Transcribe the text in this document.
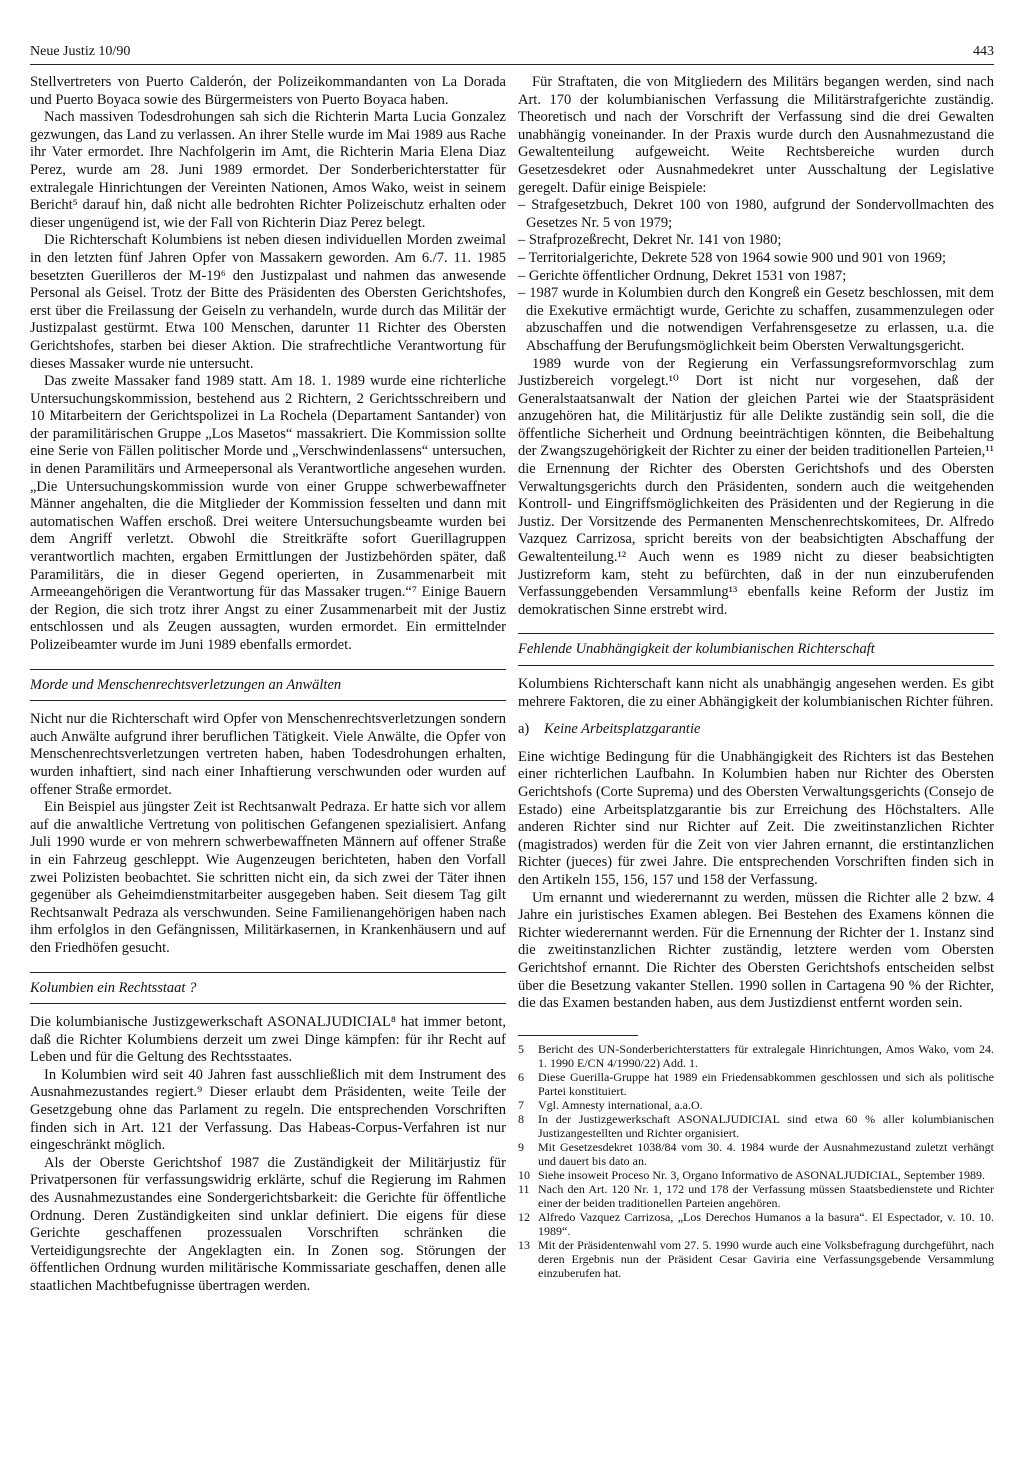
Neue Justiz 10/90	443

Stellvertreters von Puerto Calderón, der Polizeikommandanten von La Dorada und Puerto Boyaca sowie des Bürgermeisters von Puerto Boyaca haben.

Nach massiven Todesdrohungen sah sich die Richterin Marta Lucia Gonzalez gezwungen, das Land zu verlassen. An ihrer Stelle wurde im Mai 1989 aus Rache ihr Vater ermordet. Ihre Nachfolgerin im Amt, die Richterin Maria Elena Diaz Perez, wurde am 28. Juni 1989 ermordet. Der Sonderberichterstatter für extralegale Hinrichtungen der Vereinten Nationen, Amos Wako, weist in seinem Bericht⁵ darauf hin, daß nicht alle bedrohten Richter Polizeischutz erhalten oder dieser ungenügend ist, wie der Fall von Richterin Diaz Perez belegt.

Die Richterschaft Kolumbiens ist neben diesen individuellen Morden zweimal in den letzten fünf Jahren Opfer von Massakern geworden. Am 6./7. 11. 1985 besetzten Guerilleros der M-19⁶ den Justizpalast und nahmen das anwesende Personal als Geisel. Trotz der Bitte des Präsidenten des Obersten Gerichtshofes, erst über die Freilassung der Geiseln zu verhandeln, wurde durch das Militär der Justizpalast gestürmt. Etwa 100 Menschen, darunter 11 Richter des Obersten Gerichtshofes, starben bei dieser Aktion. Die strafrechtliche Verantwortung für dieses Massaker wurde nie untersucht.

Das zweite Massaker fand 1989 statt. Am 18. 1. 1989 wurde eine richterliche Untersuchungskommission, bestehend aus 2 Richtern, 2 Gerichtsschreibern und 10 Mitarbeitern der Gerichtspolizei in La Rochela (Departament Santander) von der paramilitärischen Gruppe „Los Masetos“ massakriert. Die Kommission sollte eine Serie von Fällen politischer Morde und „Verschwindenlassens“ untersuchen, in denen Paramilitärs und Armeepersonal als Verantwortliche angesehen wurden. „Die Untersuchungskommission wurde von einer Gruppe schwerbewaffneter Männer angehalten, die die Mitglieder der Kommission fesselten und dann mit automatischen Waffen erschoß. Drei weitere Untersuchungsbeamte wurden bei dem Angriff verletzt. Obwohl die Streitkräfte sofort Guerillagruppen verantwortlich machten, ergaben Ermittlungen der Justizbehörden später, daß Paramilitärs, die in dieser Gegend operierten, in Zusammenarbeit mit Armeeangehörigen die Verantwortung für das Massaker trugen.“⁷ Einige Bauern der Region, die sich trotz ihrer Angst zu einer Zusammenarbeit mit der Justiz entschlossen und als Zeugen aussagten, wurden ermordet. Ein ermittelnder Polizeibeamter wurde im Juni 1989 ebenfalls ermordet.

Morde und Menschenrechtsverletzungen an Anwälten

Nicht nur die Richterschaft wird Opfer von Menschenrechtsverletzungen sondern auch Anwälte aufgrund ihrer beruflichen Tätigkeit. Viele Anwälte, die Opfer von Menschenrechtsverletzungen vertreten haben, haben Todesdrohungen erhalten, wurden inhaftiert, sind nach einer Inhaftierung verschwunden oder wurden auf offener Straße ermordet.

Ein Beispiel aus jüngster Zeit ist Rechtsanwalt Pedraza. Er hatte sich vor allem auf die anwaltliche Vertretung von politischen Gefangenen spezialisiert. Anfang Juli 1990 wurde er von mehrern schwerbewaffneten Männern auf offener Straße in ein Fahrzeug geschleppt. Wie Augenzeugen berichteten, haben den Vorfall zwei Polizisten beobachtet. Sie schritten nicht ein, da sich zwei der Täter ihnen gegenüber als Geheimdienstmitarbeiter ausgegeben haben. Seit diesem Tag gilt Rechtsanwalt Pedraza als verschwunden. Seine Familienangehörigen haben nach ihm erfolglos in den Gefängnissen, Militärkasernen, in Krankenhäusern und auf den Friedhöfen gesucht.

Kolumbien ein Rechtsstaat ?

Die kolumbianische Justizgewerkschaft ASONALJUDICIAL⁸ hat immer betont, daß die Richter Kolumbiens derzeit um zwei Dinge kämpfen: für ihr Recht auf Leben und für die Geltung des Rechtsstaates.

In Kolumbien wird seit 40 Jahren fast ausschließlich mit dem Instrument des Ausnahmezustandes regiert.⁹ Dieser erlaubt dem Präsidenten, weite Teile der Gesetzgebung ohne das Parlament zu regeln. Die entsprechenden Vorschriften finden sich in Art. 121 der Verfassung. Das Habeas-Corpus-Verfahren ist nur eingeschränkt möglich.

Als der Oberste Gerichtshof 1987 die Zuständigkeit der Militärjustiz für Privatpersonen für verfassungswidrig erklärte, schuf die Regierung im Rahmen des Ausnahmezustandes eine Sondergerichtsbarkeit: die Gerichte für öffentliche Ordnung. Deren Zuständigkeiten sind unklar definiert. Die eigens für diese Gerichte geschaffenen prozessualen Vorschriften schränken die Verteidigungsrechte der Angeklagten ein. In Zonen sog. Störungen der öffentlichen Ordnung wurden militärische Kommissariate geschaffen, denen alle staatlichen Machtbefugnisse übertragen werden.

Für Straftaten, die von Mitgliedern des Militärs begangen werden, sind nach Art. 170 der kolumbianischen Verfassung die Militärstrafgerichte zuständig. Theoretisch und nach der Vorschrift der Verfassung sind die drei Gewalten unabhängig voneinander. In der Praxis wurde durch den Ausnahmezustand die Gewaltenteilung aufgeweicht. Weite Rechtsbereiche wurden durch Gesetzesdekret oder Ausnahmedekret unter Ausschaltung der Legislative geregelt. Dafür einige Beispiele:

– Strafgesetzbuch, Dekret 100 von 1980, aufgrund der Sondervollmachten des Gesetzes Nr. 5 von 1979;
– Strafprozeßrecht, Dekret Nr. 141 von 1980;
– Territorialgerichte, Dekrete 528 von 1964 sowie 900 und 901 von 1969;
– Gerichte öffentlicher Ordnung, Dekret 1531 von 1987;
– 1987 wurde in Kolumbien durch den Kongreß ein Gesetz beschlossen, mit dem die Exekutive ermächtigt wurde, Gerichte zu schaffen, zusammenzulegen oder abzuschaffen und die notwendigen Verfahrensgesetze zu erlassen, u.a. die Abschaffung der Berufungsmöglichkeit beim Obersten Verwaltungsgericht.

1989 wurde von der Regierung ein Verfassungsreformvorschlag zum Justizbereich vorgelegt.¹⁰ Dort ist nicht nur vorgesehen, daß der Generalstaatsanwalt der Nation der gleichen Partei wie der Staatspräsident anzugehören hat, die Militärjustiz für alle Delikte zuständig sein soll, die die öffentliche Sicherheit und Ordnung beeinträchtigen könnten, die Beibehaltung der Zwangszugehörigkeit der Richter zu einer der beiden traditionellen Parteien,¹¹ die Ernennung der Richter des Obersten Gerichtshofs und des Obersten Verwaltungsgerichts durch den Präsidenten, sondern auch die weitgehenden Kontroll- und Eingriffsmöglichkeiten des Präsidenten und der Regierung in die Justiz. Der Vorsitzende des Permanenten Menschenrechtskomitees, Dr. Alfredo Vazquez Carrizosa, spricht bereits von der beabsichtigten Abschaffung der Gewaltenteilung.¹² Auch wenn es 1989 nicht zu dieser beabsichtigten Justizreform kam, steht zu befürchten, daß in der nun einzuberufenden Verfassunggebenden Versammlung¹³ ebenfalls keine Reform der Justiz im demokratischen Sinne erstrebt wird.

Fehlende Unabhängigkeit der kolumbianischen Richterschaft

Kolumbiens Richterschaft kann nicht als unabhängig angesehen werden. Es gibt mehrere Faktoren, die zu einer Abhängigkeit der kolumbianischen Richter führen.

a) Keine Arbeitsplatzgarantie

Eine wichtige Bedingung für die Unabhängigkeit des Richters ist das Bestehen einer richterlichen Laufbahn. In Kolumbien haben nur Richter des Obersten Gerichtshofs (Corte Suprema) und des Obersten Verwaltungsgerichts (Consejo de Estado) eine Arbeitsplatzgarantie bis zur Erreichung des Höchstalters. Alle anderen Richter sind nur Richter auf Zeit. Die zweitinstanzlichen Richter (magistrados) werden für die Zeit von vier Jahren ernannt, die erstintanzlichen Richter (jueces) für zwei Jahre. Die entsprechenden Vorschriften finden sich in den Artikeln 155, 156, 157 und 158 der Verfassung.

Um ernannt und wiederernannt zu werden, müssen die Richter alle 2 bzw. 4 Jahre ein juristisches Examen ablegen. Bei Bestehen des Examens können die Richter wiederernannt werden. Für die Ernennung der Richter der 1. Instanz sind die zweitinstanzlichen Richter zuständig, letztere werden vom Obersten Gerichtshof ernannt. Die Richter des Obersten Gerichtshofs entscheiden selbst über die Besetzung vakanter Stellen. 1990 sollen in Cartagena 90 % der Richter, die das Examen bestanden haben, aus dem Justizdienst entfernt worden sein.

5 Bericht des UN-Sonderberichterstatters für extralegale Hinrichtungen, Amos Wako, vom 24. 1. 1990 E/CN 4/1990/22) Add. 1.
6 Diese Guerilla-Gruppe hat 1989 ein Friedensabkommen geschlossen und sich als politische Partei konstituiert.
7 Vgl. Amnesty international, a.a.O.
8 In der Justizgewerkschaft ASONALJUDICIAL sind etwa 60 % aller kolumbianischen Justizangestellten und Richter organisiert.
9 Mit Gesetzesdekret 1038/84 vom 30. 4. 1984 wurde der Ausnahmezustand zuletzt verhängt und dauert bis dato an.
10 Siehe insoweit Proceso Nr. 3, Organo Informativo de ASONALJUDICIAL, September 1989.
11 Nach den Art. 120 Nr. 1, 172 und 178 der Verfassung müssen Staatsbedienstete und Richter einer der beiden traditionellen Parteien angehören.
12 Alfredo Vazquez Carrizosa, „Los Derechos Humanos a la basura“. El Espectador, v. 10. 10. 1989“.
13 Mit der Präsidentenwahl vom 27. 5. 1990 wurde auch eine Volksbefragung durchgeführt, nach deren Ergebnis nun der Präsident Cesar Gaviria eine Verfassungsgebende Versammlung einzuberufen hat.
